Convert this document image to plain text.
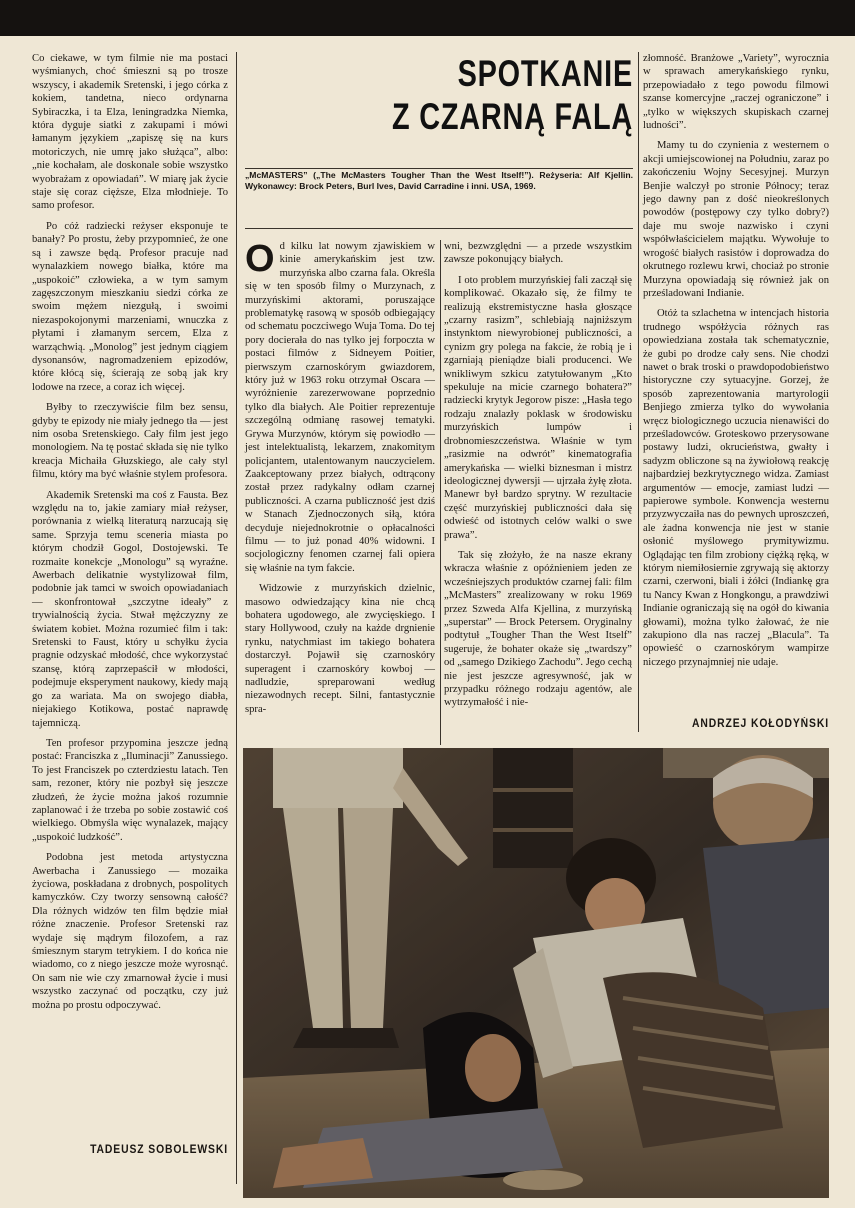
Co ciekawe, w tym filmie nie ma postaci wyśmianych, choć śmieszni są po trosze wszyscy, i akademik Sretenski, i jego córka z kokiem, tandetna, nieco ordynarna Sybiraczka, i ta Elza, leningradzka Niemka, która dyguje siatki z zakupami i mówi łamanym językiem „zapiszę się na kurs motoriczych, nie umrę jako służąca”, albo: „nie kochałam, ale doskonale sobie wszystko wyobrażam z opowiadań”. W miarę jak życie staje się coraz cięższe, Elza młodnieje. To samo profesor.

Po cóż radziecki reżyser eksponuje te banały? Po prostu, żeby przypomnieć, że one są i zawsze będą. Profesor pracuje nad wynalazkiem nowego białka, które ma „uspokoić” człowieka, a w tym samym zagęszczonym mieszkaniu siedzi córka ze swoim mężem niezgułą, i swoimi niezaspokojonymi marzeniami, wnuczka z płytami i złamanym sercem, Elza z warząchwią. „Monolog” jest jednym ciągiem dysonansów, nagromadzeniem epizodów, które kłócą się, ścierają ze sobą jak kry lodowe na rzece, a coraz ich więcej.

Byłby to rzeczywiście film bez sensu, gdyby te epizody nie miały jednego tła — jest nim osoba Sretenskiego. Cały film jest jego monologiem. Na tę postać składa się nie tylko kreacja Michaiła Głuzskiego, ale cały styl filmu, który ma być właśnie stylem profesora.

Akademik Sretenski ma coś z Fausta. Bez względu na to, jakie zamiary miał reżyser, porównania z wielką literaturą narzucają się same. Sprzyja temu sceneria miasta po którym chodził Gogol, Dostojewski. Te rozmaite konekcje „Monologu” są wyraźne. Awerbach delikatnie wystylizował film, podobnie jak tamci w swoich opowiadaniach — skonfrontował „szczytne ideały” z trywialnością życia. Stwał mężczyzny ze światem kobiet. Można rozumieć film i tak: Sretenski to Faust, który u schyłku życia pragnie odzyskać młodość, chce wykorzystać szansę, którą zaprzepaścił w młodości, podejmuje eksperyment naukowy, kiedy mają go za wariata. Ma on swojego diabła, niejakiego Kotikowa, postać naprawdę tajemniczą.

Ten profesor przypomina jeszcze jedną postać: Franciszka z „Iluminacji” Zanussiego. To jest Franciszek po czterdziestu latach. Ten sam, rezoner, który nie pozbył się jeszcze złudzeń, że życie można jakoś rozumnie zaplanować i że trzeba po sobie zostawić coś wielkiego. Obmyśla więc wynalazek, mający „uspokoić ludzkość”.

Podobna jest metoda artystyczna Awerbacha i Zanussiego — mozaika życiowa, poskładana z drobnych, pospolitych kamyczków. Czy tworzy sensowną całość? Dla różnych widzów ten film będzie miał różne znaczenie. Profesor Sretenski raz wydaje się mądrym filozofem, a raz śmiesznym starym tetrykiem. I do końca nie wiadomo, co z niego jeszcze może wyrosnąć. On sam nie wie czy zmarnował życie i musi wszystko zaczynać od początku, czy już można po prostu odpoczywać.

TADEUSZ SOBOLEWSKI
SPOTKANIE
Z CZARNĄ FALĄ
„McMASTERS” („The McMasters Tougher Than the West Itself!”). Reżyseria: Alf Kjellin. Wykonawcy: Brock Peters, Burl Ives, David Carradine i inni. USA, 1969.

Od kilku lat nowym zjawiskiem w kinie amerykańskim jest tzw. murzyńska albo czarna fala. Określa się w ten sposób filmy o Murzynach, z murzyńskimi aktorami, poruszające problematykę rasową w sposób odbiegający od schematu poczciwego Wuja Toma. Do tej pory docierała do nas tylko jej forpoczta w postaci filmów z Sidneyem Poitier, pierwszym czarnoskórym gwiazdorem, który już w 1963 roku otrzymał Oscara — wyróżnienie zarezerwowane poprzednio tylko dla białych. Ale Poitier reprezentuje szczególną odmianę rasowej tematyki. Grywa Murzynów, którym się powiodło — jest intelektualistą, lekarzem, znakomitym policjantem, utalentowanym nauczycielem. Zaakceptowany przez białych, odtrącony został przez radykalny odłam czarnej publiczności. A czarna publiczność jest dziś w Stanach Zjednoczonych siłą, która decyduje niejednokrotnie o opłacalności filmu — to już ponad 40% widowni. I socjologiczny fenomen czarnej fali opiera się właśnie na tym fakcie.

Widzowie z murzyńskich dzielnic, masowo odwiedzający kina nie chcą bohatera ugodowego, ale zwycięskiego. I stary Hollywood, czuły na każde drgnienie rynku, natychmiast im takiego bohatera dostarczył. Pojawił się czarnoskóry superagent i czarnoskóry kowboj — nadludzie, spreparowani według niezawodnych recept. Silni, fantastycznie spra-

wni, bezwzględni — a przede wszystkim zawsze pokonujący białych.

I oto problem murzyńskiej fali zaczął się komplikować. Okazało się, że filmy te realizują ekstremistyczne hasła głoszące „czarny rasizm”, schlebiają najniższym instynktom niewyrobionej publiczności, a cynizm gry polega na fakcie, że robią je i zgarniają pieniądze biali producenci. We wnikliwym szkicu zatytułowanym „Kto spekuluje na micie czarnego bohatera?” radziecki krytyk Jegorow pisze: „Hasła tego rodzaju znalazły poklask w środowisku murzyńskich lumpów i drobnomieszczeństwa. Właśnie w tym „rasizmie na odwrót” kinematografia amerykańska — wielki biznesman i mistrz ideologicznej dywersji — ujrzała żyłę złota. Manewr był bardzo sprytny. W rezultacie część murzyńskiej publiczności dała się odwieść od istotnych celów walki o swe prawa”.

Tak się złożyło, że na nasze ekrany wkracza właśnie z opóźnieniem jeden ze wcześniejszych produktów czarnej fali: film „McMasters” zrealizowany w roku 1969 przez Szweda Alfa Kjellina, z murzyńską „superstar” — Brock Petersem. Oryginalny podtytuł „Tougher Than the West Itself” sugeruje, że bohater okaże się „twardszy” od „samego Dzikiego Zachodu”. Jego cechą nie jest jeszcze agresywność, jak w przypadku różnego rodzaju agentów, ale wytrzymałość i nie-

złomność. Branżowe „Variety”, wyrocznia w sprawach amerykańskiego rynku, przepowiadało z tego powodu filmowi szanse komercyjne „raczej ograniczone” i „tylko w większych skupiskach czarnej ludności”.

Mamy tu do czynienia z westernem o akcji umiejscowionej na Południu, zaraz po zakończeniu Wojny Secesyjnej. Murzyn Benjie walczył po stronie Północy; teraz jego dawny pan z dość nieokreślonych powodów (postępowy czy tylko dobry?) daje mu swoje nazwisko i czyni współwłaścicielem majątku. Wywołuje to wrogość białych rasistów i doprowadza do okrutnego rozlewu krwi, chociaż po stronie Murzyna opowiadają się również jak on prześladowani Indianie.

Otóż ta szlachetna w intencjach historia trudnego współżycia różnych ras opowiedziana została tak schematycznie, że gubi po drodze cały sens. Nie chodzi nawet o brak troski o prawdopodobieństwo historyczne czy sytuacyjne. Gorzej, że sposób zaprezentowania martyrologii Benjiego zmierza tylko do wywołania wręcz biologicznego uczucia nienawiści do prześladowców. Groteskowo przerysowane postawy ludzi, okrucieństwa, gwałty i sadyzm obliczone są na żywiołową reakcję najbardziej bezkrytycznego widza. Zamiast argumentów — emocje, zamiast ludzi — papierowe symbole. Konwencja westernu przyzwyczaiła nas do pewnych uproszczeń, ale żadna konwencja nie jest w stanie osłonić myślowego prymitywizmu. Oglądając ten film zrobiony ciężką ręką, w którym niemiłosiernie zgrywają się aktorzy czarni, czerwoni, biali i żółci (Indiankę gra tu Nancy Kwan z Hongkongu, a prawdziwi Indianie ograniczają się na ogół do kiwania głowami), można tylko żałować, że nie zakupiono dla nas raczej „Blacula”. Ta opowieść o czarnoskórym wampirze niczego przynajmniej nie udaje.

ANDRZEJ KOŁODYŃSKI
